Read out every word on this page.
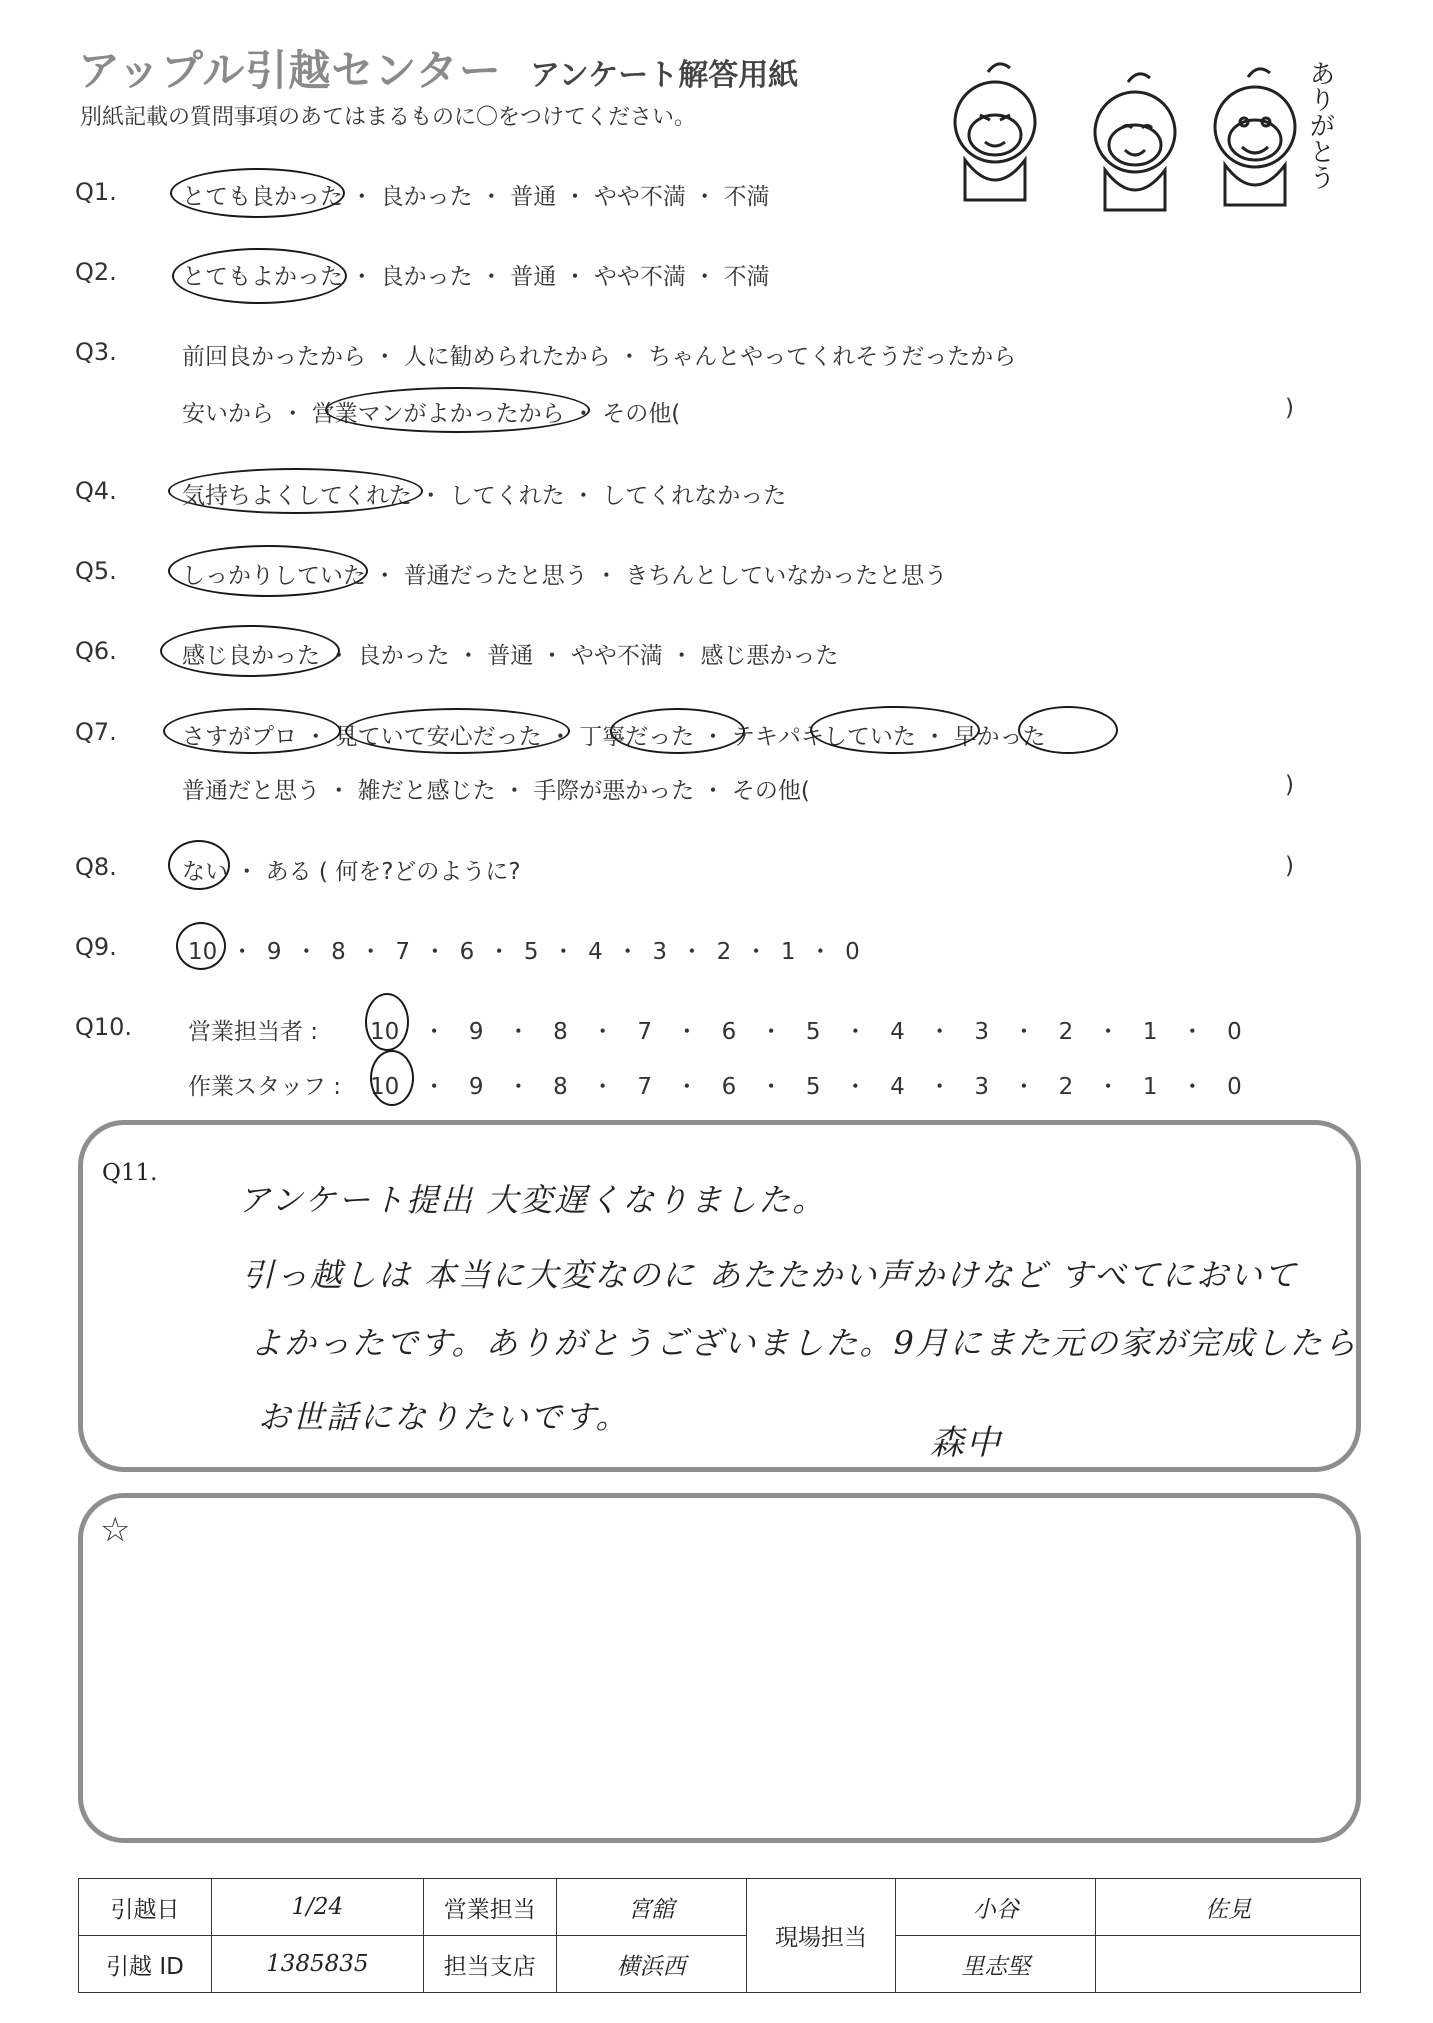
アップル引越センター アンケート解答用紙
別紙記載の質問事項のあてはまるものに〇をつけてください。	ありがとう
Q1.	とても良かった ・ 良かった ・ 普通 ・ やや不満 ・ 不満
Q2.	とてもよかった ・ 良かった ・ 普通 ・ やや不満 ・ 不満
Q3.	前回良かったから ・ 人に勧められたから ・ ちゃんとやってくれそうだったから
安いから ・ 営業マンがよかったから ・ その他(	)
Q4.	気持ちよくしてくれた ・ してくれた ・ してくれなかった
Q5.	しっかりしていた ・ 普通だったと思う ・ きちんとしていなかったと思う
Q6.	感じ良かった ・ 良かった ・ 普通 ・ やや不満 ・ 感じ悪かった
Q7.	さすがプロ ・ 見ていて安心だった ・ 丁寧だった ・ テキパキしていた ・ 早かった
普通だと思う ・ 雑だと感じた ・ 手際が悪かった ・ その他(	)
Q8.	ない ・ ある ( 何を?どのように?	)
Q9.	10 ・ 9 ・ 8 ・ 7 ・ 6 ・ 5 ・ 4 ・ 3 ・ 2 ・ 1 ・ 0
Q10. 営業担当者 : 10 ・ 9 ・ 8 ・ 7 ・ 6 ・ 5 ・ 4 ・ 3 ・ 2 ・ 1 ・ 0
作業スタッフ : 10 ・ 9 ・ 8 ・ 7 ・ 6 ・ 5 ・ 4 ・ 3 ・ 2 ・ 1 ・ 0
Q11.
アンケート提出 大変遅くなりました。
引っ越しは 本当に大変なのに あたたかい声かけなど すべてにおいて
よかったです。ありがとうございました。9月にまた元の家が完成したら
お世話になりたいです。
森中
☆
引越日	1/24	営業担当	宮舘	現場担当	小谷	佐見
引越 ID	1385835	担当支店	横浜西		里志堅	
